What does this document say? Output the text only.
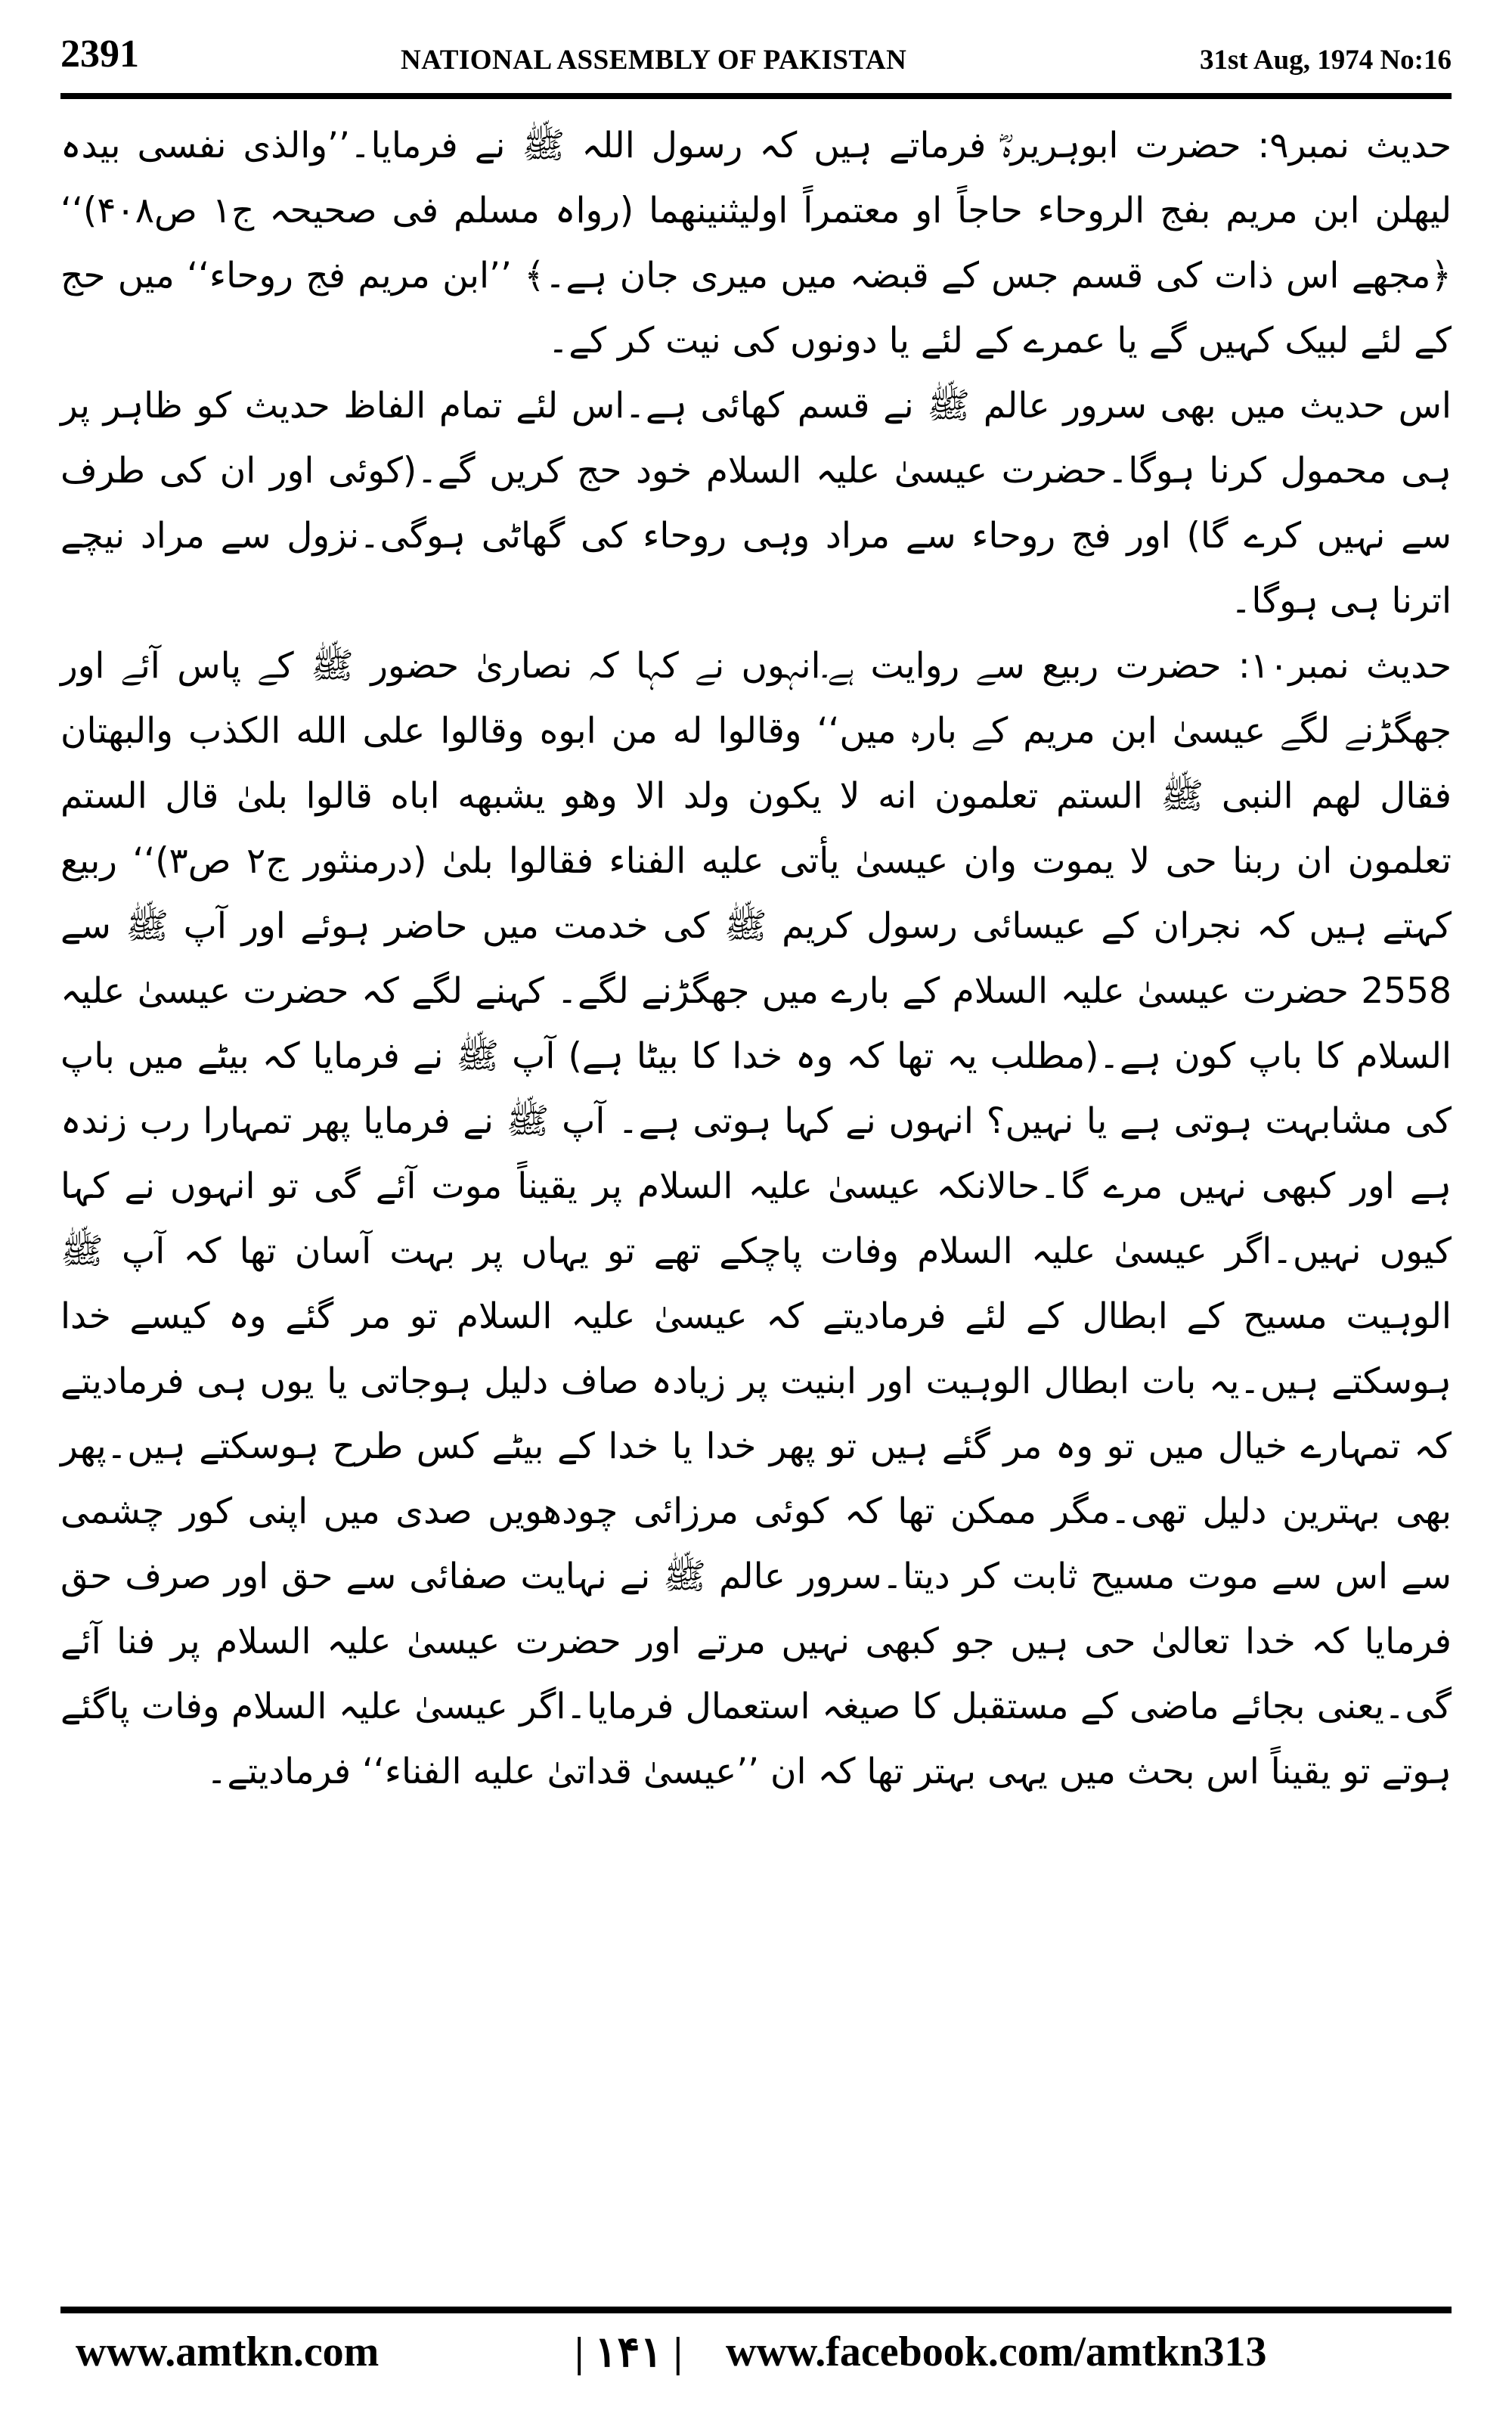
2391	NATIONAL ASSEMBLY OF PAKISTAN	31st Aug, 1974 No:16

حدیث نمبر۹: حضرت ابوہریرہؓ فرماتے ہیں کہ رسول اللہ ﷺ نے فرمایا۔’’والذی نفسی بیدہ لیھلن ابن مریم بفج الروحاء حاجاً او معتمراً اولیثنینھما (رواہ مسلم فی صحیحہ ج۱ ص۴۰۸)‘‘ ﴿مجھے اس ذات کی قسم جس کے قبضہ میں میری جان ہے۔﴾ ’’ابن مریم فج روحاء‘‘ میں حج کے لئے لبیک کہیں گے یا عمرے کے لئے یا دونوں کی نیت کر کے۔

اس حدیث میں بھی سرور عالم ﷺ نے قسم کھائی ہے۔اس لئے تمام الفاظ حدیث کو ظاہر پر ہی محمول کرنا ہوگا۔حضرت عیسیٰ علیہ السلام خود حج کریں گے۔(کوئی اور ان کی طرف سے نہیں کرے گا) اور فج روحاء سے مراد وہی روحاء کی گھاٹی ہوگی۔نزول سے مراد نیچے اترنا ہی ہوگا۔

حدیث نمبر۱۰: حضرت ربیع سے روایت ہے۔انہوں نے کہا کہ نصاریٰ حضور ﷺ کے پاس آئے اور جھگڑنے لگے عیسیٰ ابن مریم کے بارہ میں‘‘ وقالوا له من ابوه وقالوا علی الله الكذب والبهتان فقال لهم النبی ﷺ الستم تعلمون انه لا یکون ولد الا وهو یشبهه اباه قالوا بلیٰ قال الستم تعلمون ان ربنا حی لا یموت وان عیسیٰ یأتی علیه الفناء فقالوا بلیٰ (درمنثور ج۲ ص۳)‘‘ ربیع کہتے ہیں کہ نجران کے عیسائی رسول کریم ﷺ کی خدمت میں حاضر ہوئے اور آپ ﷺ سے 2558 حضرت عیسیٰ علیہ السلام کے بارے میں جھگڑنے لگے۔ کہنے لگے کہ حضرت عیسیٰ علیہ السلام کا باپ کون ہے۔(مطلب یہ تھا کہ وہ خدا کا بیٹا ہے) آپ ﷺ نے فرمایا کہ بیٹے میں باپ کی مشابہت ہوتی ہے یا نہیں؟ انہوں نے کہا ہوتی ہے۔ آپ ﷺ نے فرمایا پھر تمہارا رب زندہ ہے اور کبھی نہیں مرے گا۔حالانکہ عیسیٰ علیہ السلام پر یقیناً موت آئے گی تو انہوں نے کہا کیوں نہیں۔اگر عیسیٰ علیہ السلام وفات پاچکے تھے تو یہاں پر بہت آسان تھا کہ آپ ﷺ الوہیت مسیح کے ابطال کے لئے فرمادیتے کہ عیسیٰ علیہ السلام تو مر گئے وہ کیسے خدا ہوسکتے ہیں۔یہ بات ابطال الوہیت اور ابنیت پر زیادہ صاف دلیل ہوجاتی یا یوں ہی فرمادیتے کہ تمہارے خیال میں تو وہ مر گئے ہیں تو پھر خدا یا خدا کے بیٹے کس طرح ہوسکتے ہیں۔پھر بھی بہترین دلیل تھی۔مگر ممکن تھا کہ کوئی مرزائی چودھویں صدی میں اپنی کور چشمی سے اس سے موت مسیح ثابت کر دیتا۔سرور عالم ﷺ نے نہایت صفائی سے حق اور صرف حق فرمایا کہ خدا تعالیٰ حی ہیں جو کبھی نہیں مرتے اور حضرت عیسیٰ علیہ السلام پر فنا آئے گی۔یعنی بجائے ماضی کے مستقبل کا صیغہ استعمال فرمایا۔اگر عیسیٰ علیہ السلام وفات پاگئے ہوتے تو یقیناً اس بحث میں یہی بہتر تھا کہ ان ’’عیسیٰ قداتیٰ علیه الفناء‘‘ فرمادیتے۔

www.amtkn.com	| ۱۴۱ | www.facebook.com/amtkn313
